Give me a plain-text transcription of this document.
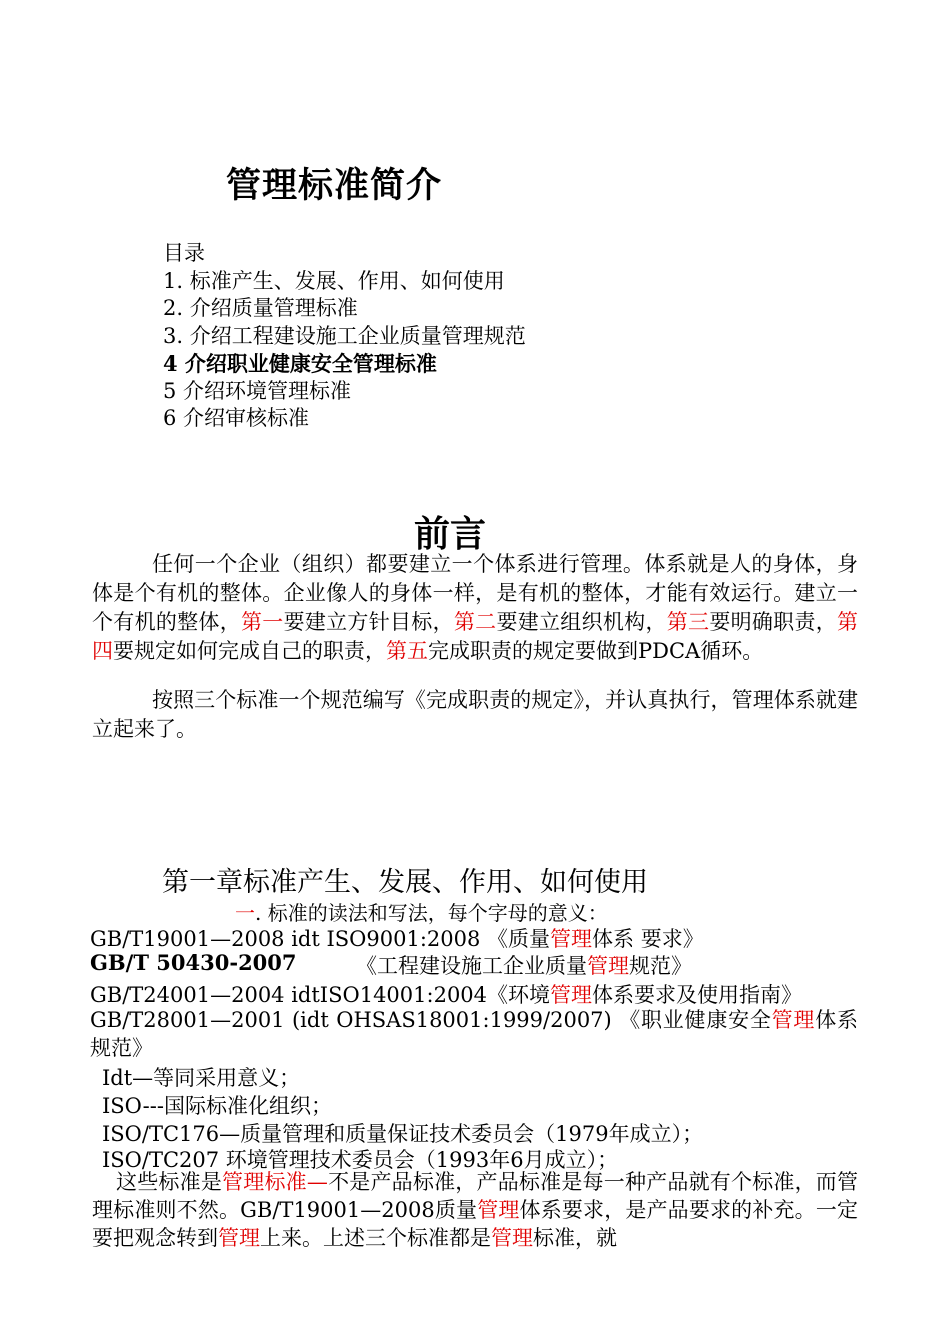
管理标准简介
目录
1. 标准产生、发展、作用、如何使用
2. 介绍质量管理标准
3. 介绍工程建设施工企业质量管理规范
4 介绍职业健康安全管理标准
5 介绍环境管理标准
6 介绍审核标准
前言
任何一个企业（组织）都要建立一个体系进行管理。体系就是人的身体，身体是个有机的整体。企业像人的身体一样，是有机的整体，才能有效运行。建立一个有机的整体，第一要建立方针目标，第二要建立组织机构，第三要明确职责，第四要规定如何完成自己的职责，第五完成职责的规定要做到PDCA循环。
按照三个标准一个规范编写《完成职责的规定》，并认真执行，管理体系就建立起来了。
第一章标准产生、发展、作用、如何使用
一. 标准的读法和写法，每个字母的意义：
GB/T19001—2008 idt ISO9001:2008 《质量管理体系 要求》
GB/T 50430-2007	《工程建设施工企业质量管理规范》
GB/T24001—2004 idtISO14001:2004《环境管理体系要求及使用指南》
GB/T28001—2001 (idt OHSAS18001:1999/2007) 《职业健康安全管理体系规范》
Idt—等同采用意义；
ISO---国际标准化组织；
ISO/TC176—质量管理和质量保证技术委员会（1979年成立）；
ISO/TC207 环境管理技术委员会（1993年6月成立）；
这些标准是管理标准—不是产品标准，产品标准是每一种产品就有个标准，而管理标准则不然。GB/T19001—2008质量管理体系要求，是产品要求的补充。一定要把观念转到管理上来。上述三个标准都是管理标准，就
